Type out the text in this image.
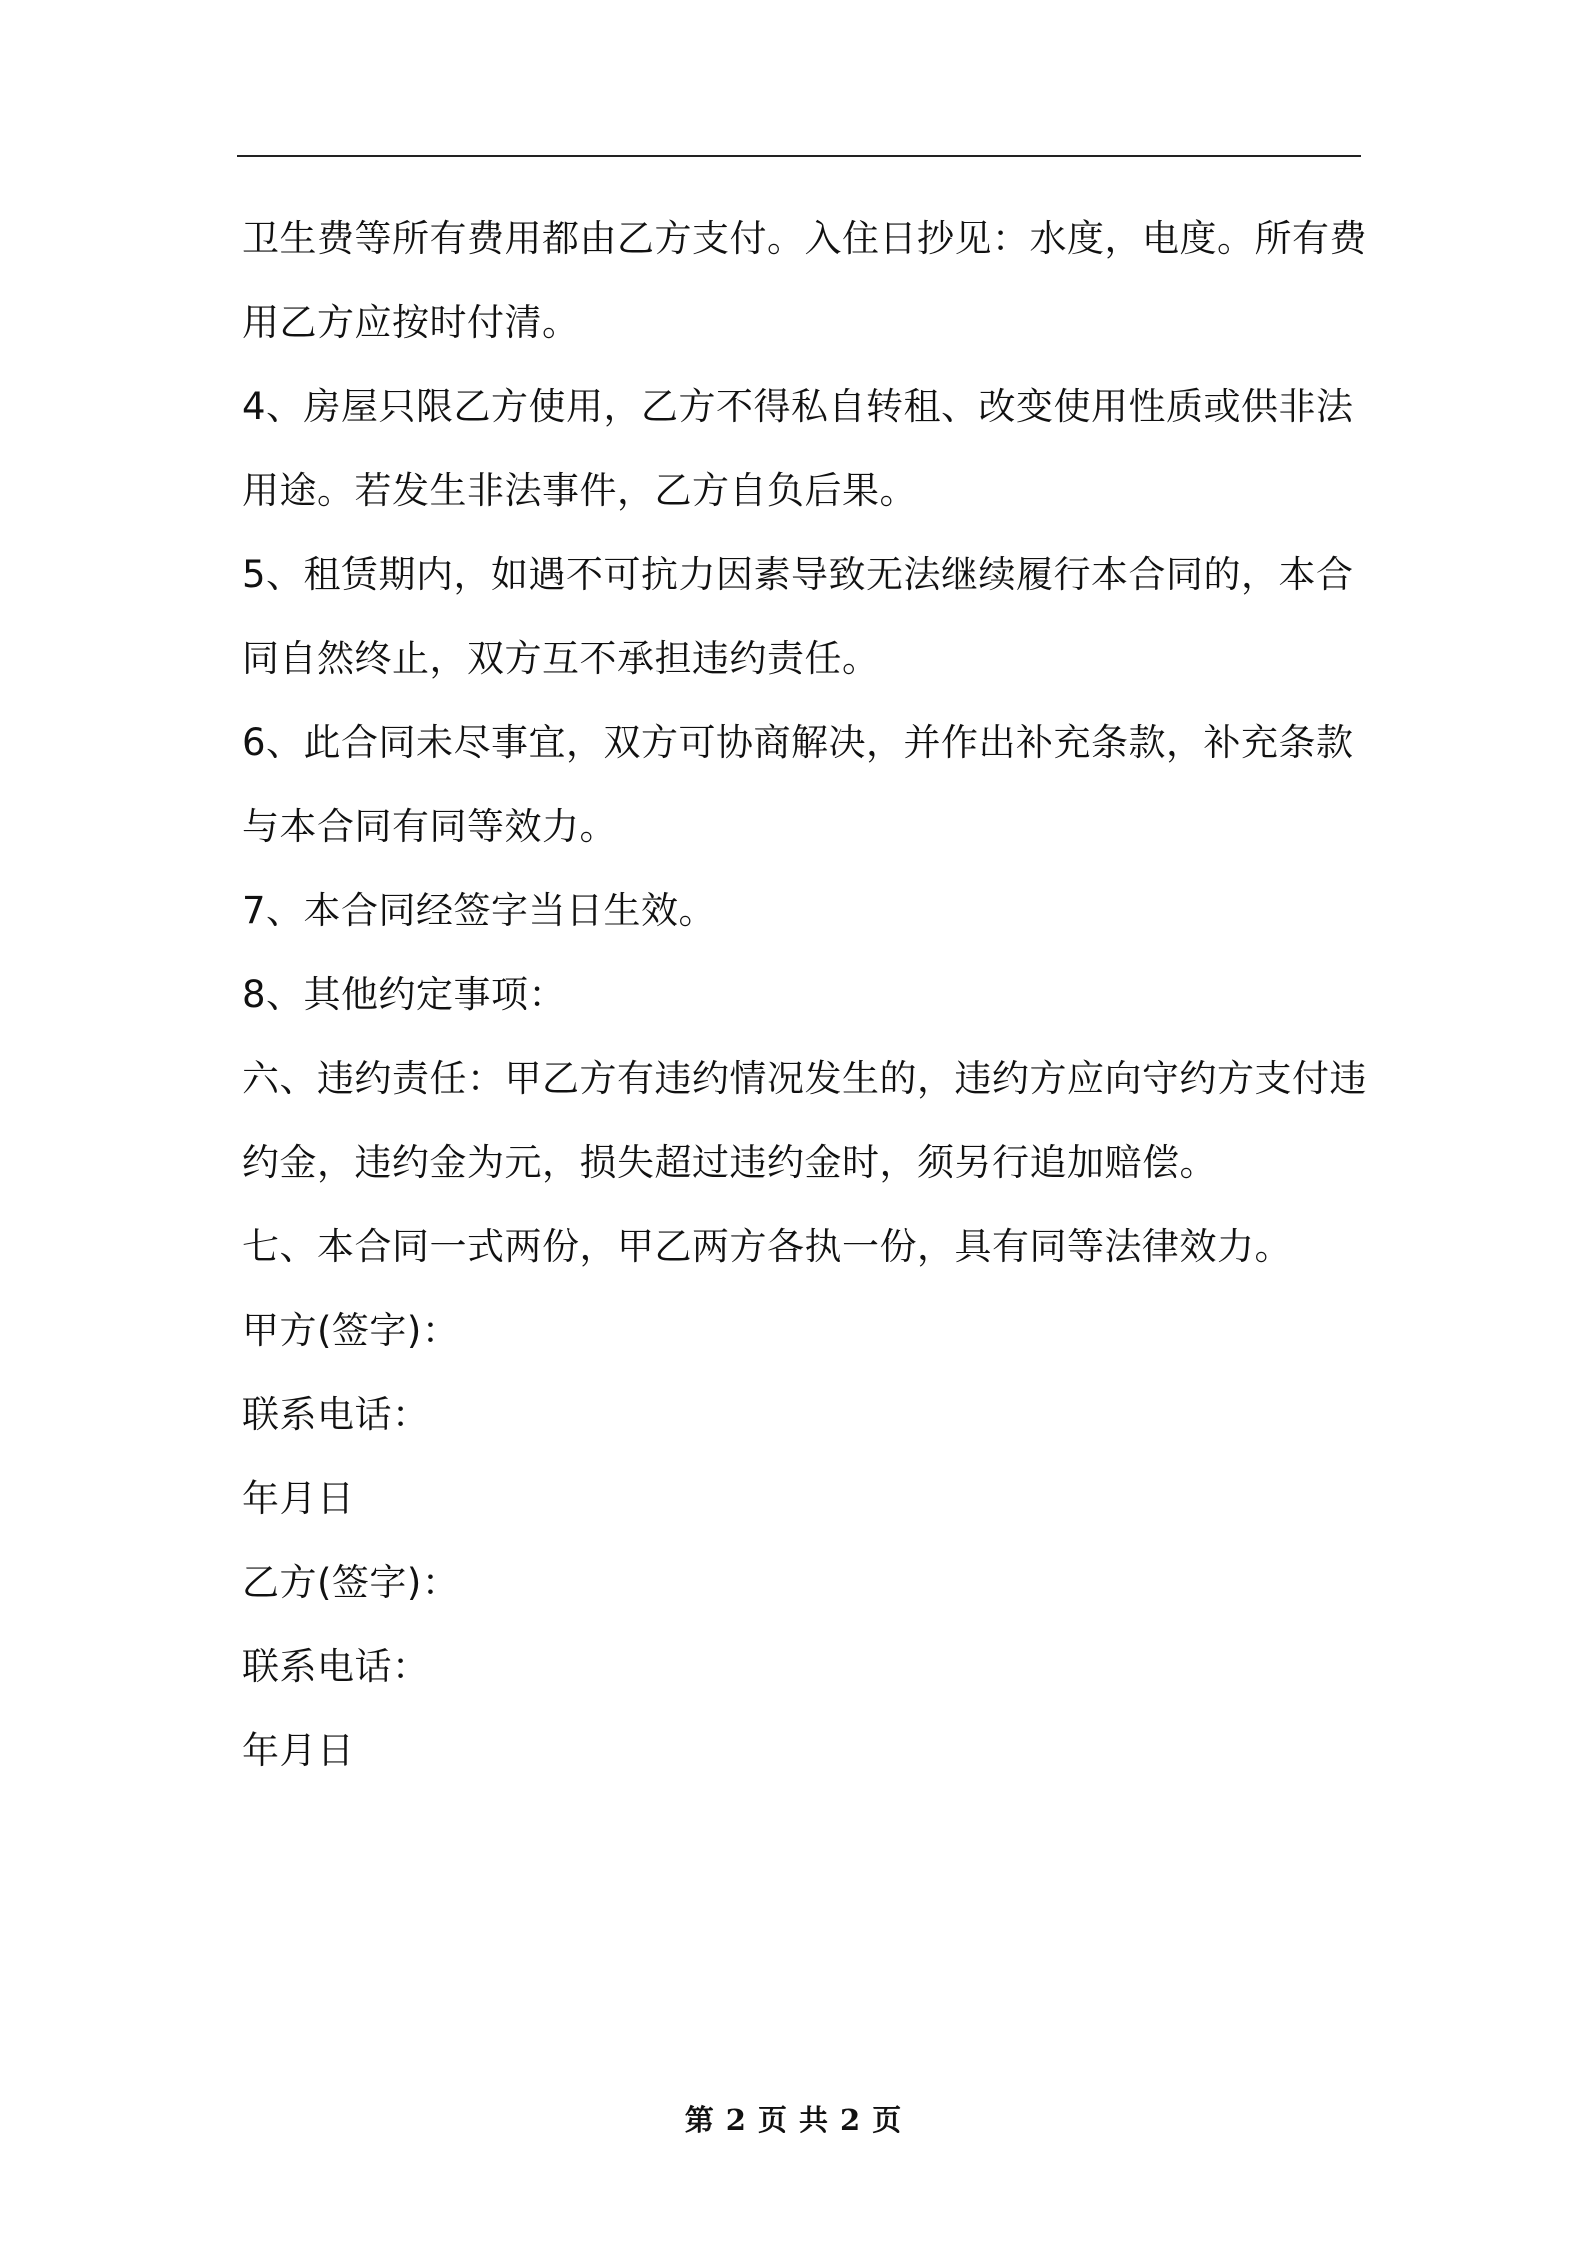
卫生费等所有费用都由乙方支付。入住日抄见：水度，电度。所有费
用乙方应按时付清。
4、房屋只限乙方使用，乙方不得私自转租、改变使用性质或供非法
用途。若发生非法事件，乙方自负后果。
5、租赁期内，如遇不可抗力因素导致无法继续履行本合同的，本合
同自然终止，双方互不承担违约责任。
6、此合同未尽事宜，双方可协商解决，并作出补充条款，补充条款
与本合同有同等效力。
7、本合同经签字当日生效。
8、其他约定事项：
六、违约责任：甲乙方有违约情况发生的，违约方应向守约方支付违
约金，违约金为元，损失超过违约金时，须另行追加赔偿。
七、本合同一式两份，甲乙两方各执一份，具有同等法律效力。
甲方(签字)：
联系电话：
年月日
乙方(签字)：
联系电话：
年月日
第 2 页 共 2 页
